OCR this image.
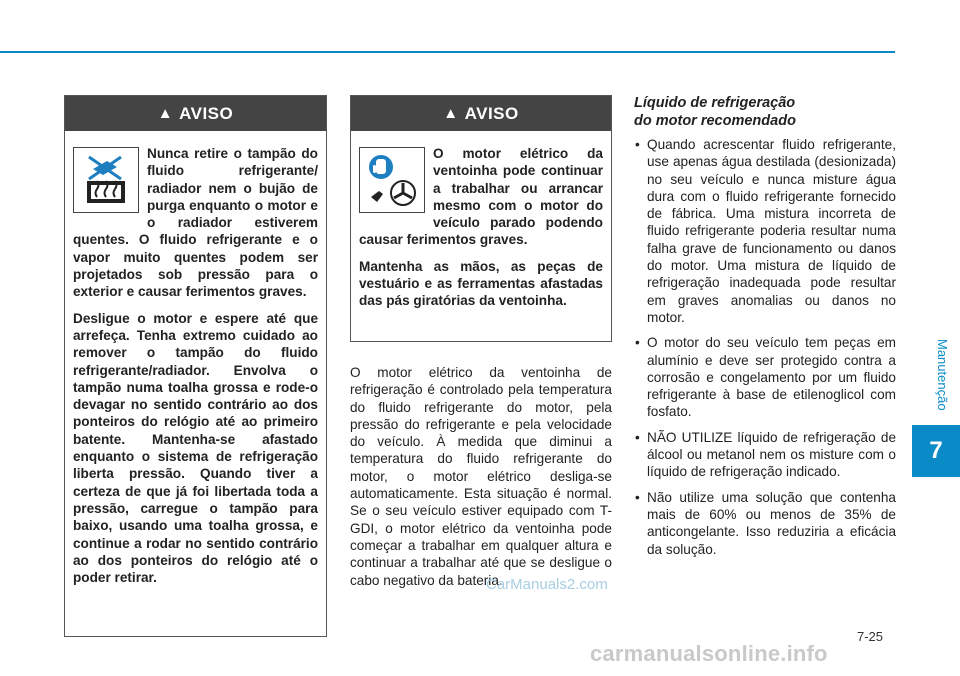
Manutenção
7
▲ AVISO

Nunca retire o tampão do fluido refrigerante/ radiador nem o bujão de purga enquanto o motor e o radiador estiverem quentes. O fluido refrigerante e o vapor muito quentes podem ser projetados sob pressão para o exterior e causar ferimentos graves.

Desligue o motor e espere até que arrefeça. Tenha extremo cuidado ao remover o tampão do fluido refrigerante/radiador. Envolva o tampão numa toalha grossa e rode-o devagar no sentido contrário ao dos ponteiros do relógio até ao primeiro batente. Mantenha-se afastado enquanto o sistema de refrigeração liberta pressão. Quando tiver a certeza de que já foi libertada toda a pressão, carregue o tampão para baixo, usando uma toalha grossa, e continue a rodar no sentido contrário ao dos ponteiros do relógio até o poder retirar.

▲ AVISO

O motor elétrico da ventoinha pode continuar a trabalhar ou arrancar mesmo com o motor do veículo parado podendo causar ferimentos graves.

Mantenha as mãos, as peças de vestuário e as ferramentas afastadas das pás giratórias da ventoinha.

O motor elétrico da ventoinha de refrigeração é controlado pela temperatura do fluido refrigerante do motor, pela pressão do refrigerante e pela velocidade do veículo. À medida que diminui a temperatura do fluido refrigerante do motor, o motor elétrico desliga-se automaticamente. Esta situação é normal. Se o seu veículo estiver equipado com T-GDI, o motor elétrico da ventoinha pode começar a trabalhar em qualquer altura e continuar a trabalhar até que se desligue o cabo negativo da bateria.

Líquido de refrigeração
do motor recomendado
• Quando acrescentar fluido refrigerante, use apenas água destilada (desionizada) no seu veículo e nunca misture água dura com o fluido refrigerante fornecido de fábrica. Uma mistura incorreta de fluido refrigerante poderia resultar numa falha grave de funcionamento ou danos do motor. Uma mistura de líquido de refrigeração inadequada pode resultar em graves anomalias ou danos no motor.
• O motor do seu veículo tem peças em alumínio e deve ser protegido contra a corrosão e congelamento por um fluido refrigerante à base de etilenoglicol com fosfato.
• NÃO UTILIZE líquido de refrigeração de álcool ou metanol nem os misture com o líquido de refrigeração indicado.
• Não utilize uma solução que contenha mais de 60% ou menos de 35% de anticongelante. Isso reduziria a eficácia da solução.
CarManuals2.com
7-25
carmanualsonline.info
